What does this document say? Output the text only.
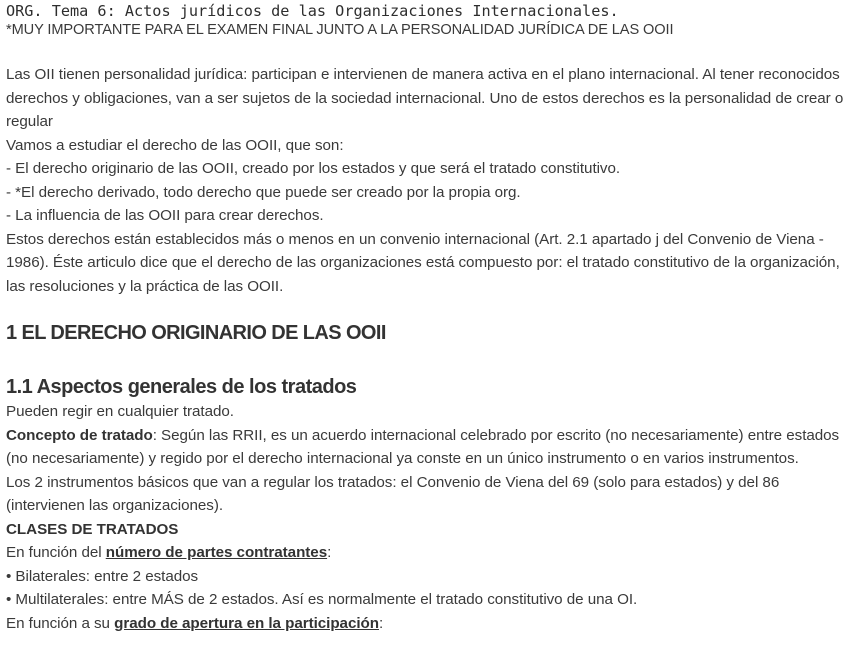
ORG. Tema 6: Actos jurídicos de las Organizaciones Internacionales.
*MUY IMPORTANTE PARA EL EXAMEN FINAL JUNTO A LA PERSONALIDAD JURÍDICA DE LAS OOII

Las OII tienen personalidad jurídica: participan e intervienen de manera activa en el plano internacional. Al tener reconocidos derechos y obligaciones, van a ser sujetos de la sociedad internacional. Uno de estos derechos es la personalidad de crear o regular

Vamos a estudiar el derecho de las OOII, que son:

- El derecho originario de las OOII, creado por los estados y que será el tratado constitutivo.

- *El derecho derivado, todo derecho que puede ser creado por la propia org.

- La influencia de las OOII para crear derechos.

Estos derechos están establecidos más o menos en un convenio internacional (Art. 2.1 apartado j del Convenio de Viena - 1986). Éste articulo dice que el derecho de las organizaciones está compuesto por: el tratado constitutivo de la organización, las resoluciones y la práctica de las OOII.

1 EL DERECHO ORIGINARIO DE LAS OOII
1.1 Aspectos generales de los tratados

Pueden regir en cualquier tratado.

Concepto de tratado: Según las RRII, es un acuerdo internacional celebrado por escrito (no necesariamente) entre estados (no necesariamente) y regido por el derecho internacional ya conste en un único instrumento o en varios instrumentos.

Los 2 instrumentos básicos que van a regular los tratados: el Convenio de Viena del 69 (solo para estados) y del 86 (intervienen las organizaciones).

CLASES DE TRATADOS

En función del número de partes contratantes:

• Bilaterales: entre 2 estados

• Multilaterales: entre MÁS de 2 estados. Así es normalmente el tratado constitutivo de una OI.

En función a su grado de apertura en la participación:
